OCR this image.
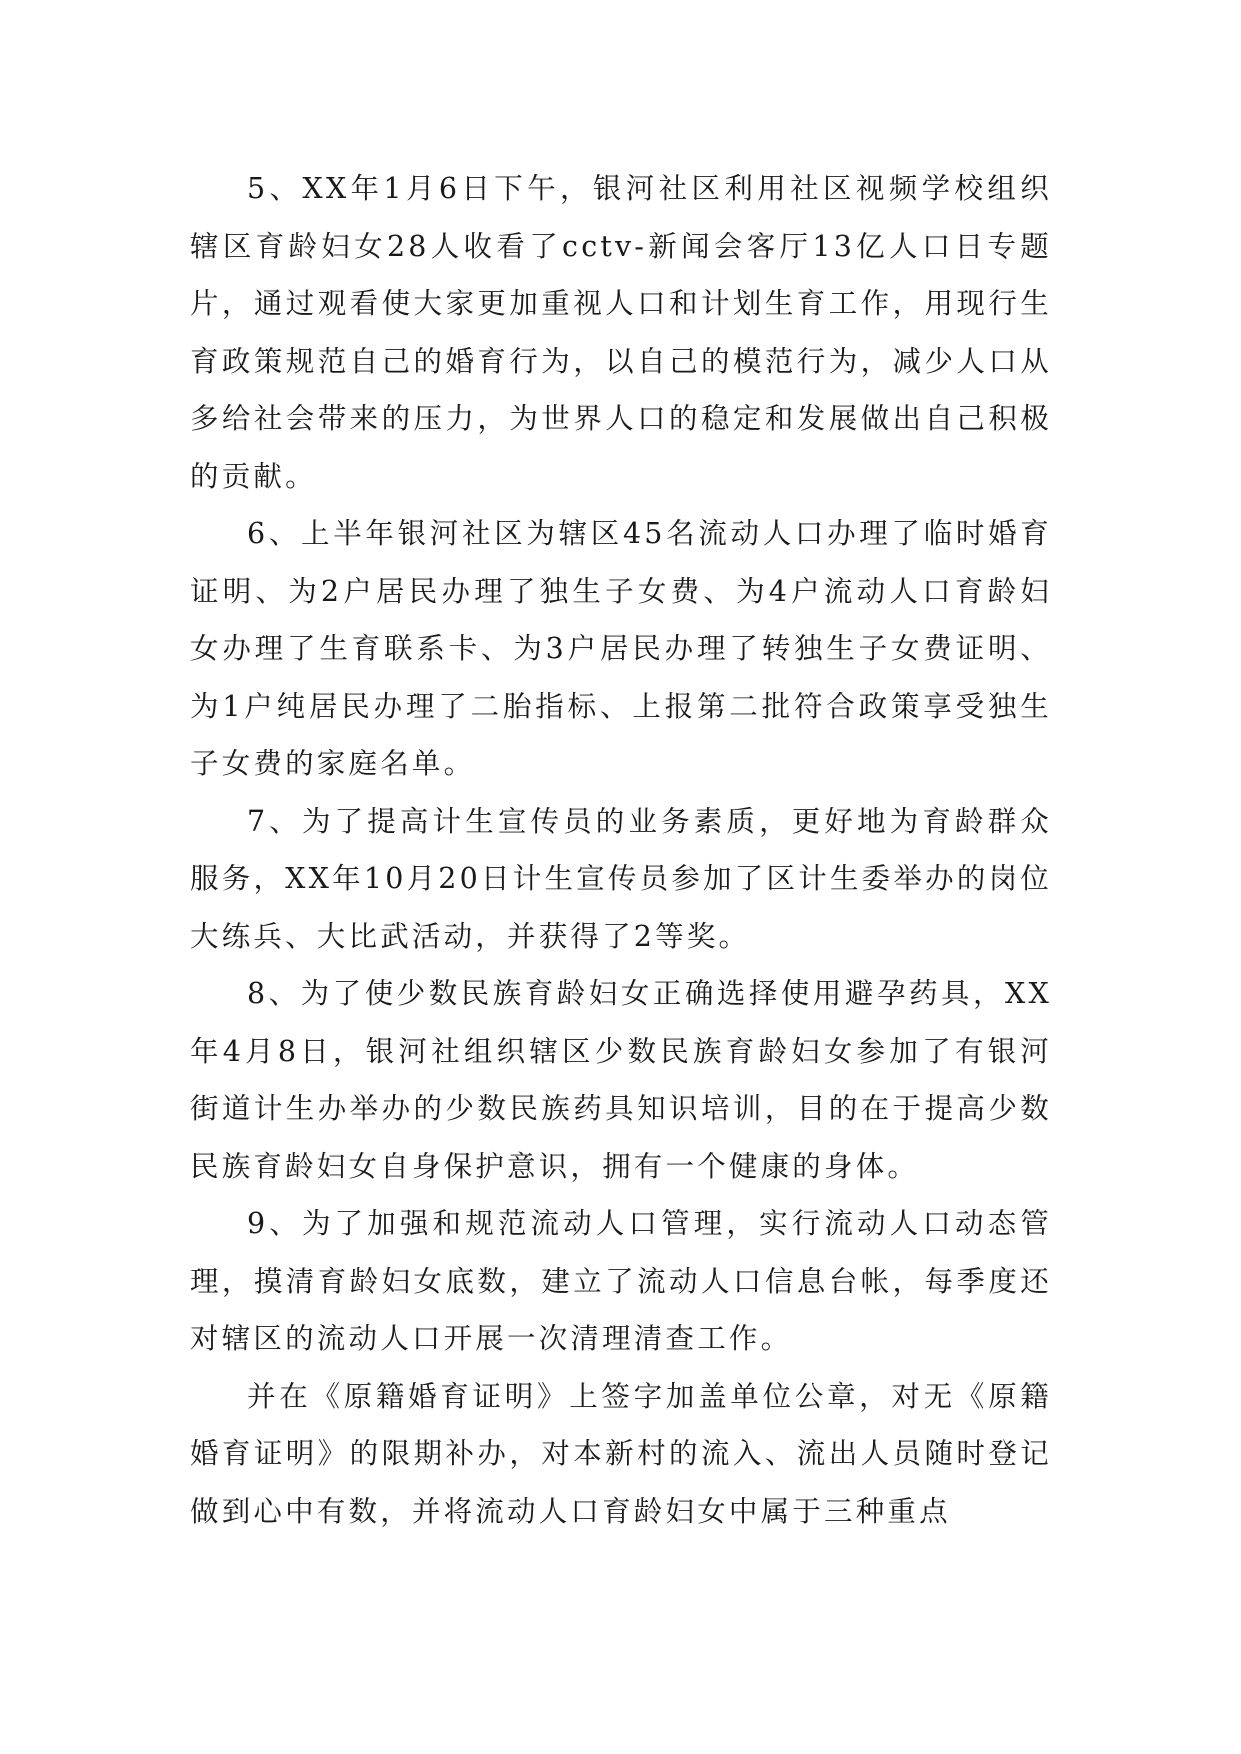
5、XX年1月6日下午，银河社区利用社区视频学校组织辖区育龄妇女28人收看了cctv-新闻会客厅13亿人口日专题片，通过观看使大家更加重视人口和计划生育工作，用现行生育政策规范自己的婚育行为，以自己的模范行为，减少人口从多给社会带来的压力，为世界人口的稳定和发展做出自己积极的贡献。

6、上半年银河社区为辖区45名流动人口办理了临时婚育证明、为2户居民办理了独生子女费、为4户流动人口育龄妇女办理了生育联系卡、为3户居民办理了转独生子女费证明、为1户纯居民办理了二胎指标、上报第二批符合政策享受独生子女费的家庭名单。

7、为了提高计生宣传员的业务素质，更好地为育龄群众服务，XX年10月20日计生宣传员参加了区计生委举办的岗位大练兵、大比武活动，并获得了2等奖。

8、为了使少数民族育龄妇女正确选择使用避孕药具，XX年4月8日，银河社组织辖区少数民族育龄妇女参加了有银河街道计生办举办的少数民族药具知识培训，目的在于提高少数民族育龄妇女自身保护意识，拥有一个健康的身体。

9、为了加强和规范流动人口管理，实行流动人口动态管理，摸清育龄妇女底数，建立了流动人口信息台帐，每季度还对辖区的流动人口开展一次清理清查工作。

并在《原籍婚育证明》上签字加盖单位公章，对无《原籍婚育证明》的限期补办，对本新村的流入、流出人员随时登记做到心中有数，并将流动人口育龄妇女中属于三种重点
